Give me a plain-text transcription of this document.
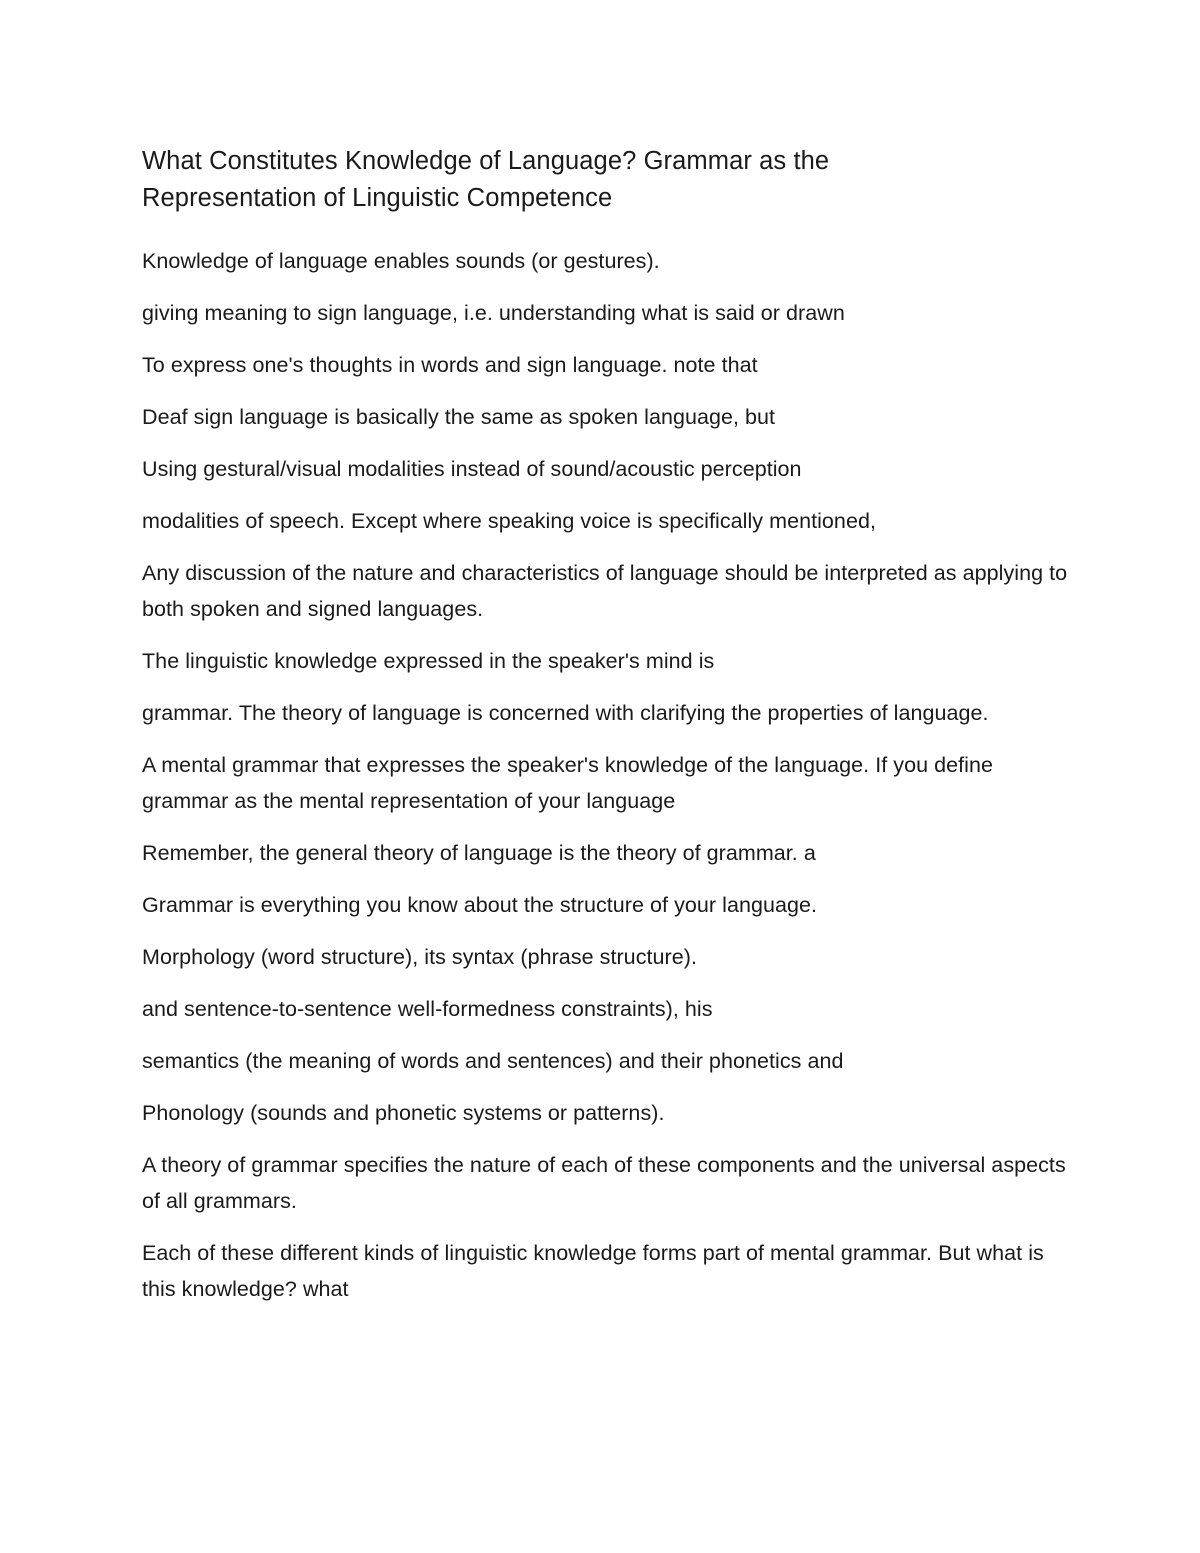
What Constitutes Knowledge of Language? Grammar as the
Representation of Linguistic Competence

Knowledge of language enables sounds (or gestures).

giving meaning to sign language, i.e. understanding what is said or drawn

To express one's thoughts in words and sign language. note that

Deaf sign language is basically the same as spoken language, but

Using gestural/visual modalities instead of sound/acoustic perception

modalities of speech. Except where speaking voice is specifically mentioned,

Any discussion of the nature and characteristics of language should be interpreted as applying to both spoken and signed languages.

The linguistic knowledge expressed in the speaker's mind is

grammar. The theory of language is concerned with clarifying the properties of language.

A mental grammar that expresses the speaker's knowledge of the language. If you define grammar as the mental representation of your language

Remember, the general theory of language is the theory of grammar. a

Grammar is everything you know about the structure of your language.

Morphology (word structure), its syntax (phrase structure).

and sentence-to-sentence well-formedness constraints), his

semantics (the meaning of words and sentences) and their phonetics and

Phonology (sounds and phonetic systems or patterns).

A theory of grammar specifies the nature of each of these components and the universal aspects of all grammars.

Each of these different kinds of linguistic knowledge forms part of mental grammar. But what is this knowledge? what
